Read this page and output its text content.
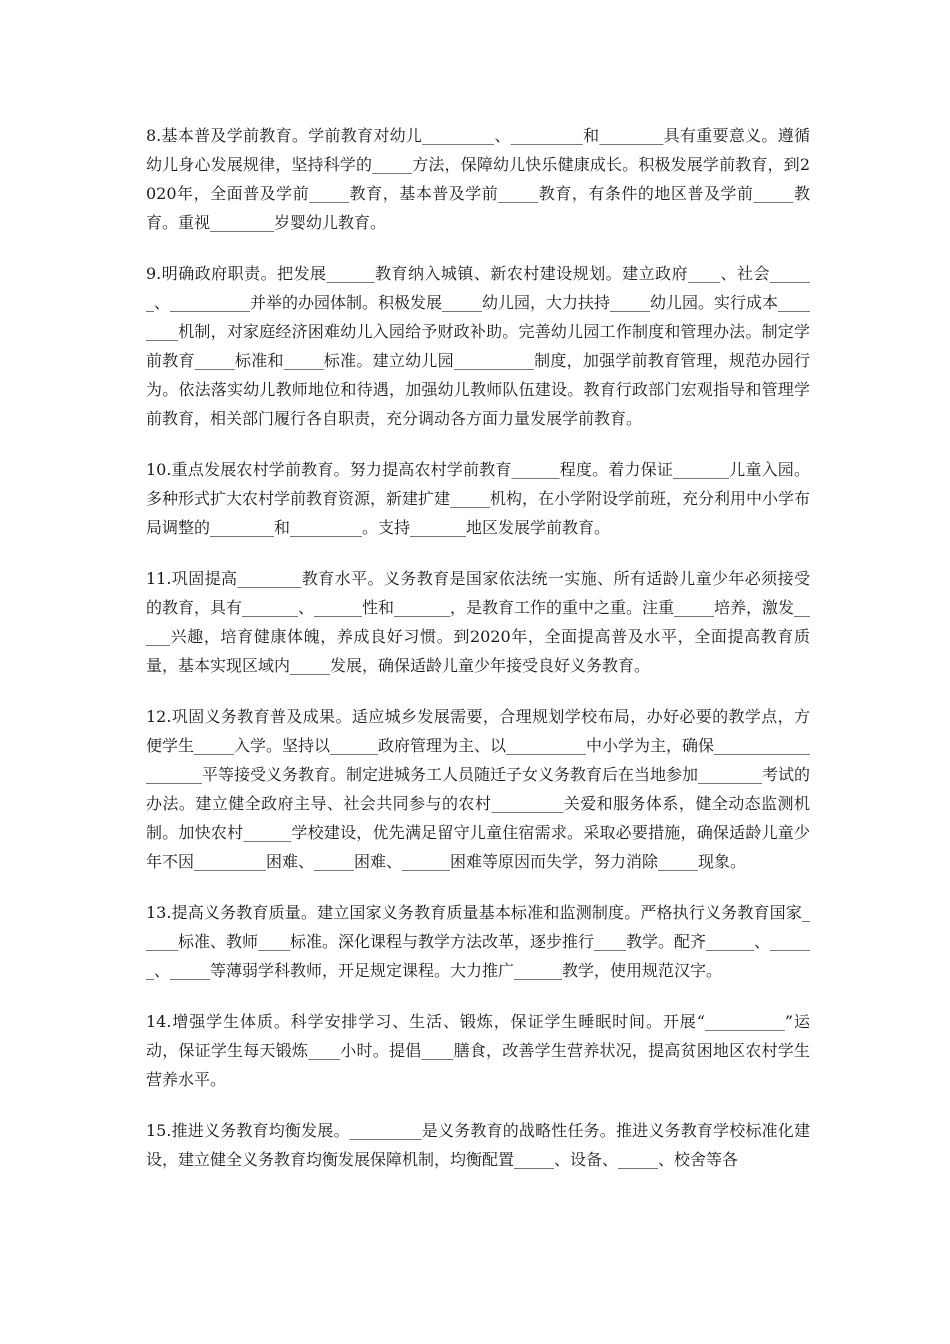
8.基本普及学前教育。学前教育对幼儿_________、_________和________具有重要意义。遵循幼儿身心发展规律，坚持科学的_____方法，保障幼儿快乐健康成长。积极发展学前教育，到2020年，全面普及学前_____教育，基本普及学前_____教育，有条件的地区普及学前_____教育。重视________岁婴幼儿教育。

9.明确政府职责。把发展______教育纳入城镇、新农村建设规划。建立政府____、社会______、__________并举的办园体制。积极发展_____幼儿园，大力扶持_____幼儿园。实行成本________机制，对家庭经济困难幼儿入园给予财政补助。完善幼儿园工作制度和管理办法。制定学前教育_____标准和_____标准。建立幼儿园__________制度，加强学前教育管理，规范办园行为。依法落实幼儿教师地位和待遇，加强幼儿教师队伍建设。教育行政部门宏观指导和管理学前教育，相关部门履行各自职责，充分调动各方面力量发展学前教育。

10.重点发展农村学前教育。努力提高农村学前教育______程度。着力保证_______儿童入园。多种形式扩大农村学前教育资源，新建扩建_____机构，在小学附设学前班，充分利用中小学布局调整的________和_________。支持_______地区发展学前教育。

11.巩固提高________教育水平。义务教育是国家依法统一实施、所有适龄儿童少年必须接受的教育，具有_______、______性和_______，是教育工作的重中之重。注重_____培养，激发_____兴趣，培育健康体魄，养成良好习惯。到2020年，全面提高普及水平，全面提高教育质量，基本实现区域内_____发展，确保适龄儿童少年接受良好义务教育。

12.巩固义务教育普及成果。适应城乡发展需要，合理规划学校布局，办好必要的教学点，方便学生_____入学。坚持以______政府管理为主、以__________中小学为主，确保___________________平等接受义务教育。制定进城务工人员随迁子女义务教育后在当地参加________考试的办法。建立健全政府主导、社会共同参与的农村_________关爱和服务体系，健全动态监测机制。加快农村______学校建设，优先满足留守儿童住宿需求。采取必要措施，确保适龄儿童少年不因_________困难、_____困难、______困难等原因而失学，努力消除_____现象。

13.提高义务教育质量。建立国家义务教育质量基本标准和监测制度。严格执行义务教育国家_____标准、教师____标准。深化课程与教学方法改革，逐步推行____教学。配齐______、______、_____等薄弱学科教师，开足规定课程。大力推广______教学，使用规范汉字。

14.增强学生体质。科学安排学习、生活、锻炼，保证学生睡眠时间。开展“__________”运动，保证学生每天锻炼____小时。提倡____膳食，改善学生营养状况，提高贫困地区农村学生营养水平。

15.推进义务教育均衡发展。_________是义务教育的战略性任务。推进义务教育学校标准化建设，建立健全义务教育均衡发展保障机制，均衡配置_____、设备、_____、校舍等各
